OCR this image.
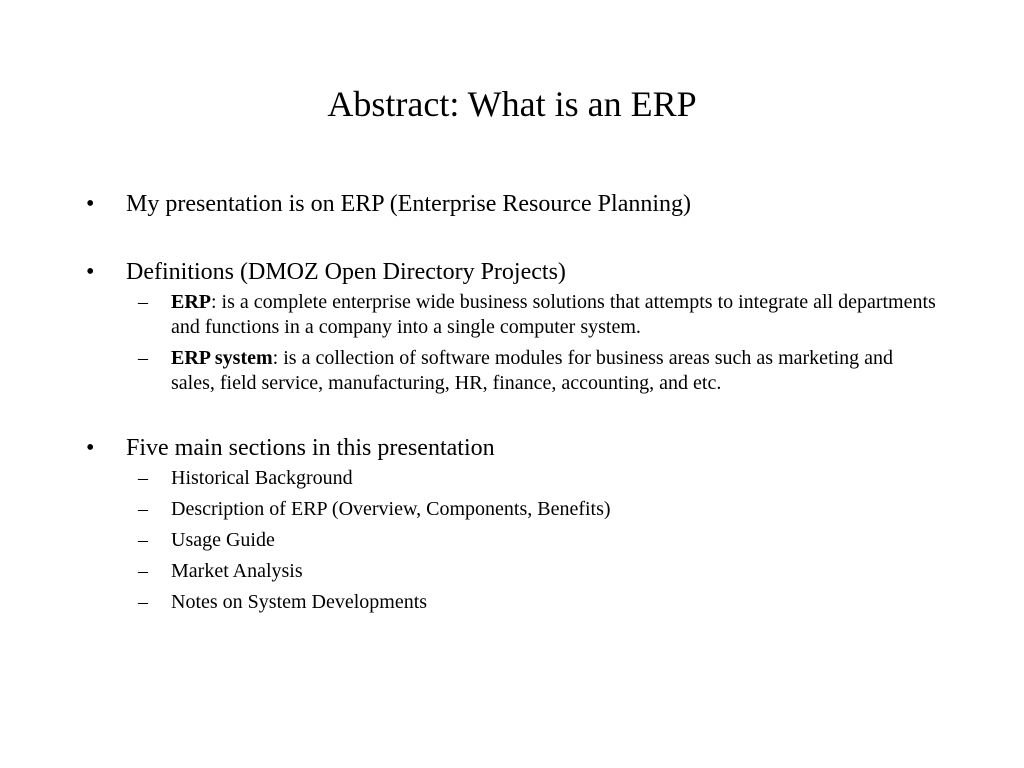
Abstract: What is an ERP
•	My presentation is on ERP (Enterprise Resource Planning)
•	Definitions (DMOZ Open Directory Projects)
– ERP: is a complete enterprise wide business solutions that attempts to integrate all departments and functions in a company into a single computer system.
– ERP system: is a collection of software modules for business areas such as marketing and sales, field service, manufacturing, HR, finance, accounting, and etc.
•	Five main sections in this presentation
– Historical Background
– Description of ERP (Overview, Components, Benefits)
– Usage Guide
– Market Analysis
– Notes on System Developments
